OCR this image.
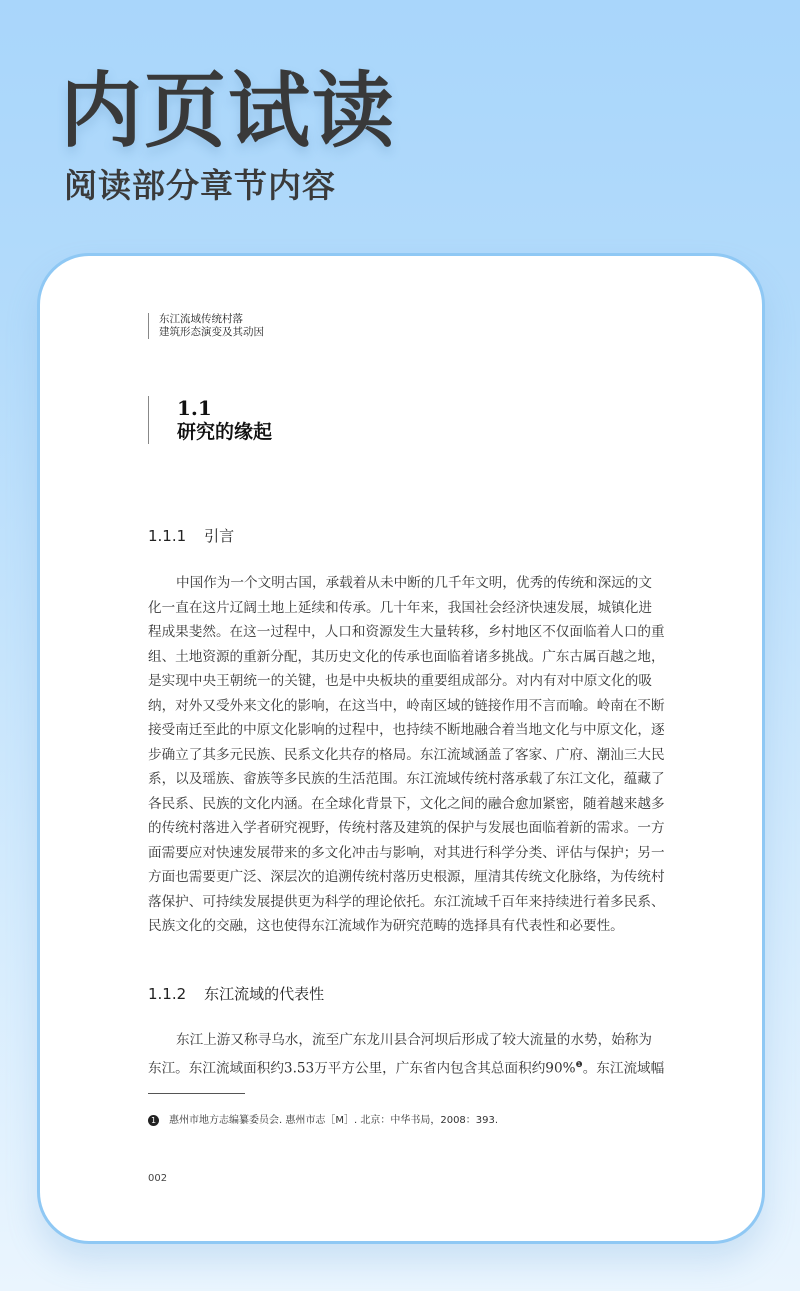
内页试读
阅读部分章节内容
东江流域传统村落
建筑形态演变及其动因
1.1
研究的缘起
1.1.1 引言
中国作为一个文明古国，承载着从未中断的几千年文明，优秀的传统和深远的文
化一直在这片辽阔土地上延续和传承。几十年来，我国社会经济快速发展，城镇化进
程成果斐然。在这一过程中，人口和资源发生大量转移，乡村地区不仅面临着人口的重
组、土地资源的重新分配，其历史文化的传承也面临着诸多挑战。广东古属百越之地，
是实现中央王朝统一的关键，也是中央板块的重要组成部分。对内有对中原文化的吸
纳，对外又受外来文化的影响，在这当中，岭南区域的链接作用不言而喻。岭南在不断
接受南迁至此的中原文化影响的过程中，也持续不断地融合着当地文化与中原文化，逐
步确立了其多元民族、民系文化共存的格局。东江流域涵盖了客家、广府、潮汕三大民
系，以及瑶族、畲族等多民族的生活范围。东江流域传统村落承载了东江文化，蕴藏了
各民系、民族的文化内涵。在全球化背景下，文化之间的融合愈加紧密，随着越来越多
的传统村落进入学者研究视野，传统村落及建筑的保护与发展也面临着新的需求。一方
面需要应对快速发展带来的多文化冲击与影响，对其进行科学分类、评估与保护；另一
方面也需要更广泛、深层次的追溯传统村落历史根源，厘清其传统文化脉络，为传统村
落保护、可持续发展提供更为科学的理论依托。东江流域千百年来持续进行着多民系、
民族文化的交融，这也使得东江流域作为研究范畴的选择具有代表性和必要性。
1.1.2 东江流域的代表性
东江上游又称寻乌水，流至广东龙川县合河坝后形成了较大流量的水势，始称为
东江。东江流域面积约3.53万平方公里，广东省内包含其总面积约90%$^❶$。东江流域幅
1 惠州市地方志编纂委员会. 惠州市志［M］. 北京：中华书局，2008：393.
002
